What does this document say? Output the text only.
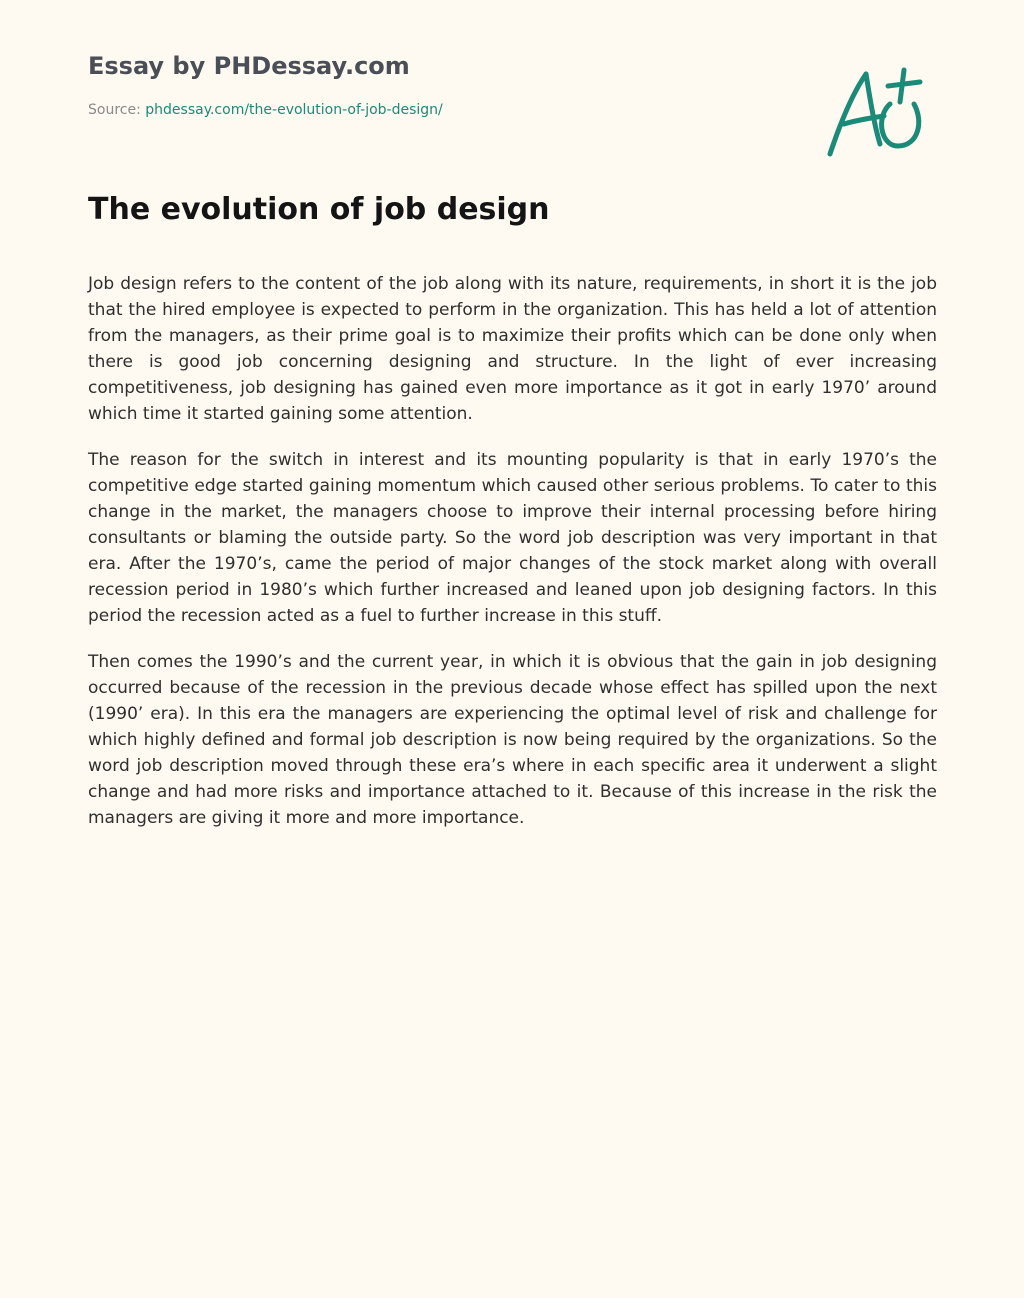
Essay by PHDessay.com
Source: phdessay.com/the-evolution-of-job-design/
The evolution of job design

Job design refers to the content of the job along with its nature, requirements, in short it is the job that the hired employee is expected to perform in the organization. This has held a lot of attention from the managers, as their prime goal is to maximize their profits which can be done only when there is good job concerning designing and structure. In the light of ever increasing competitiveness, job designing has gained even more importance as it got in early 1970’ around which time it started gaining some attention.

The reason for the switch in interest and its mounting popularity is that in early 1970’s the competitive edge started gaining momentum which caused other serious problems. To cater to this change in the market, the managers choose to improve their internal processing before hiring consultants or blaming the outside party. So the word job description was very important in that era. After the 1970’s, came the period of major changes of the stock market along with overall recession period in 1980’s which further increased and leaned upon job designing factors. In this period the recession acted as a fuel to further increase in this stuff.

Then comes the 1990’s and the current year, in which it is obvious that the gain in job designing occurred because of the recession in the previous decade whose effect has spilled upon the next (1990’ era). In this era the managers are experiencing the optimal level of risk and challenge for which highly defined and formal job description is now being required by the organizations. So the word job description moved through these era’s where in each specific area it underwent a slight change and had more risks and importance attached to it. Because of this increase in the risk the managers are giving it more and more importance.
